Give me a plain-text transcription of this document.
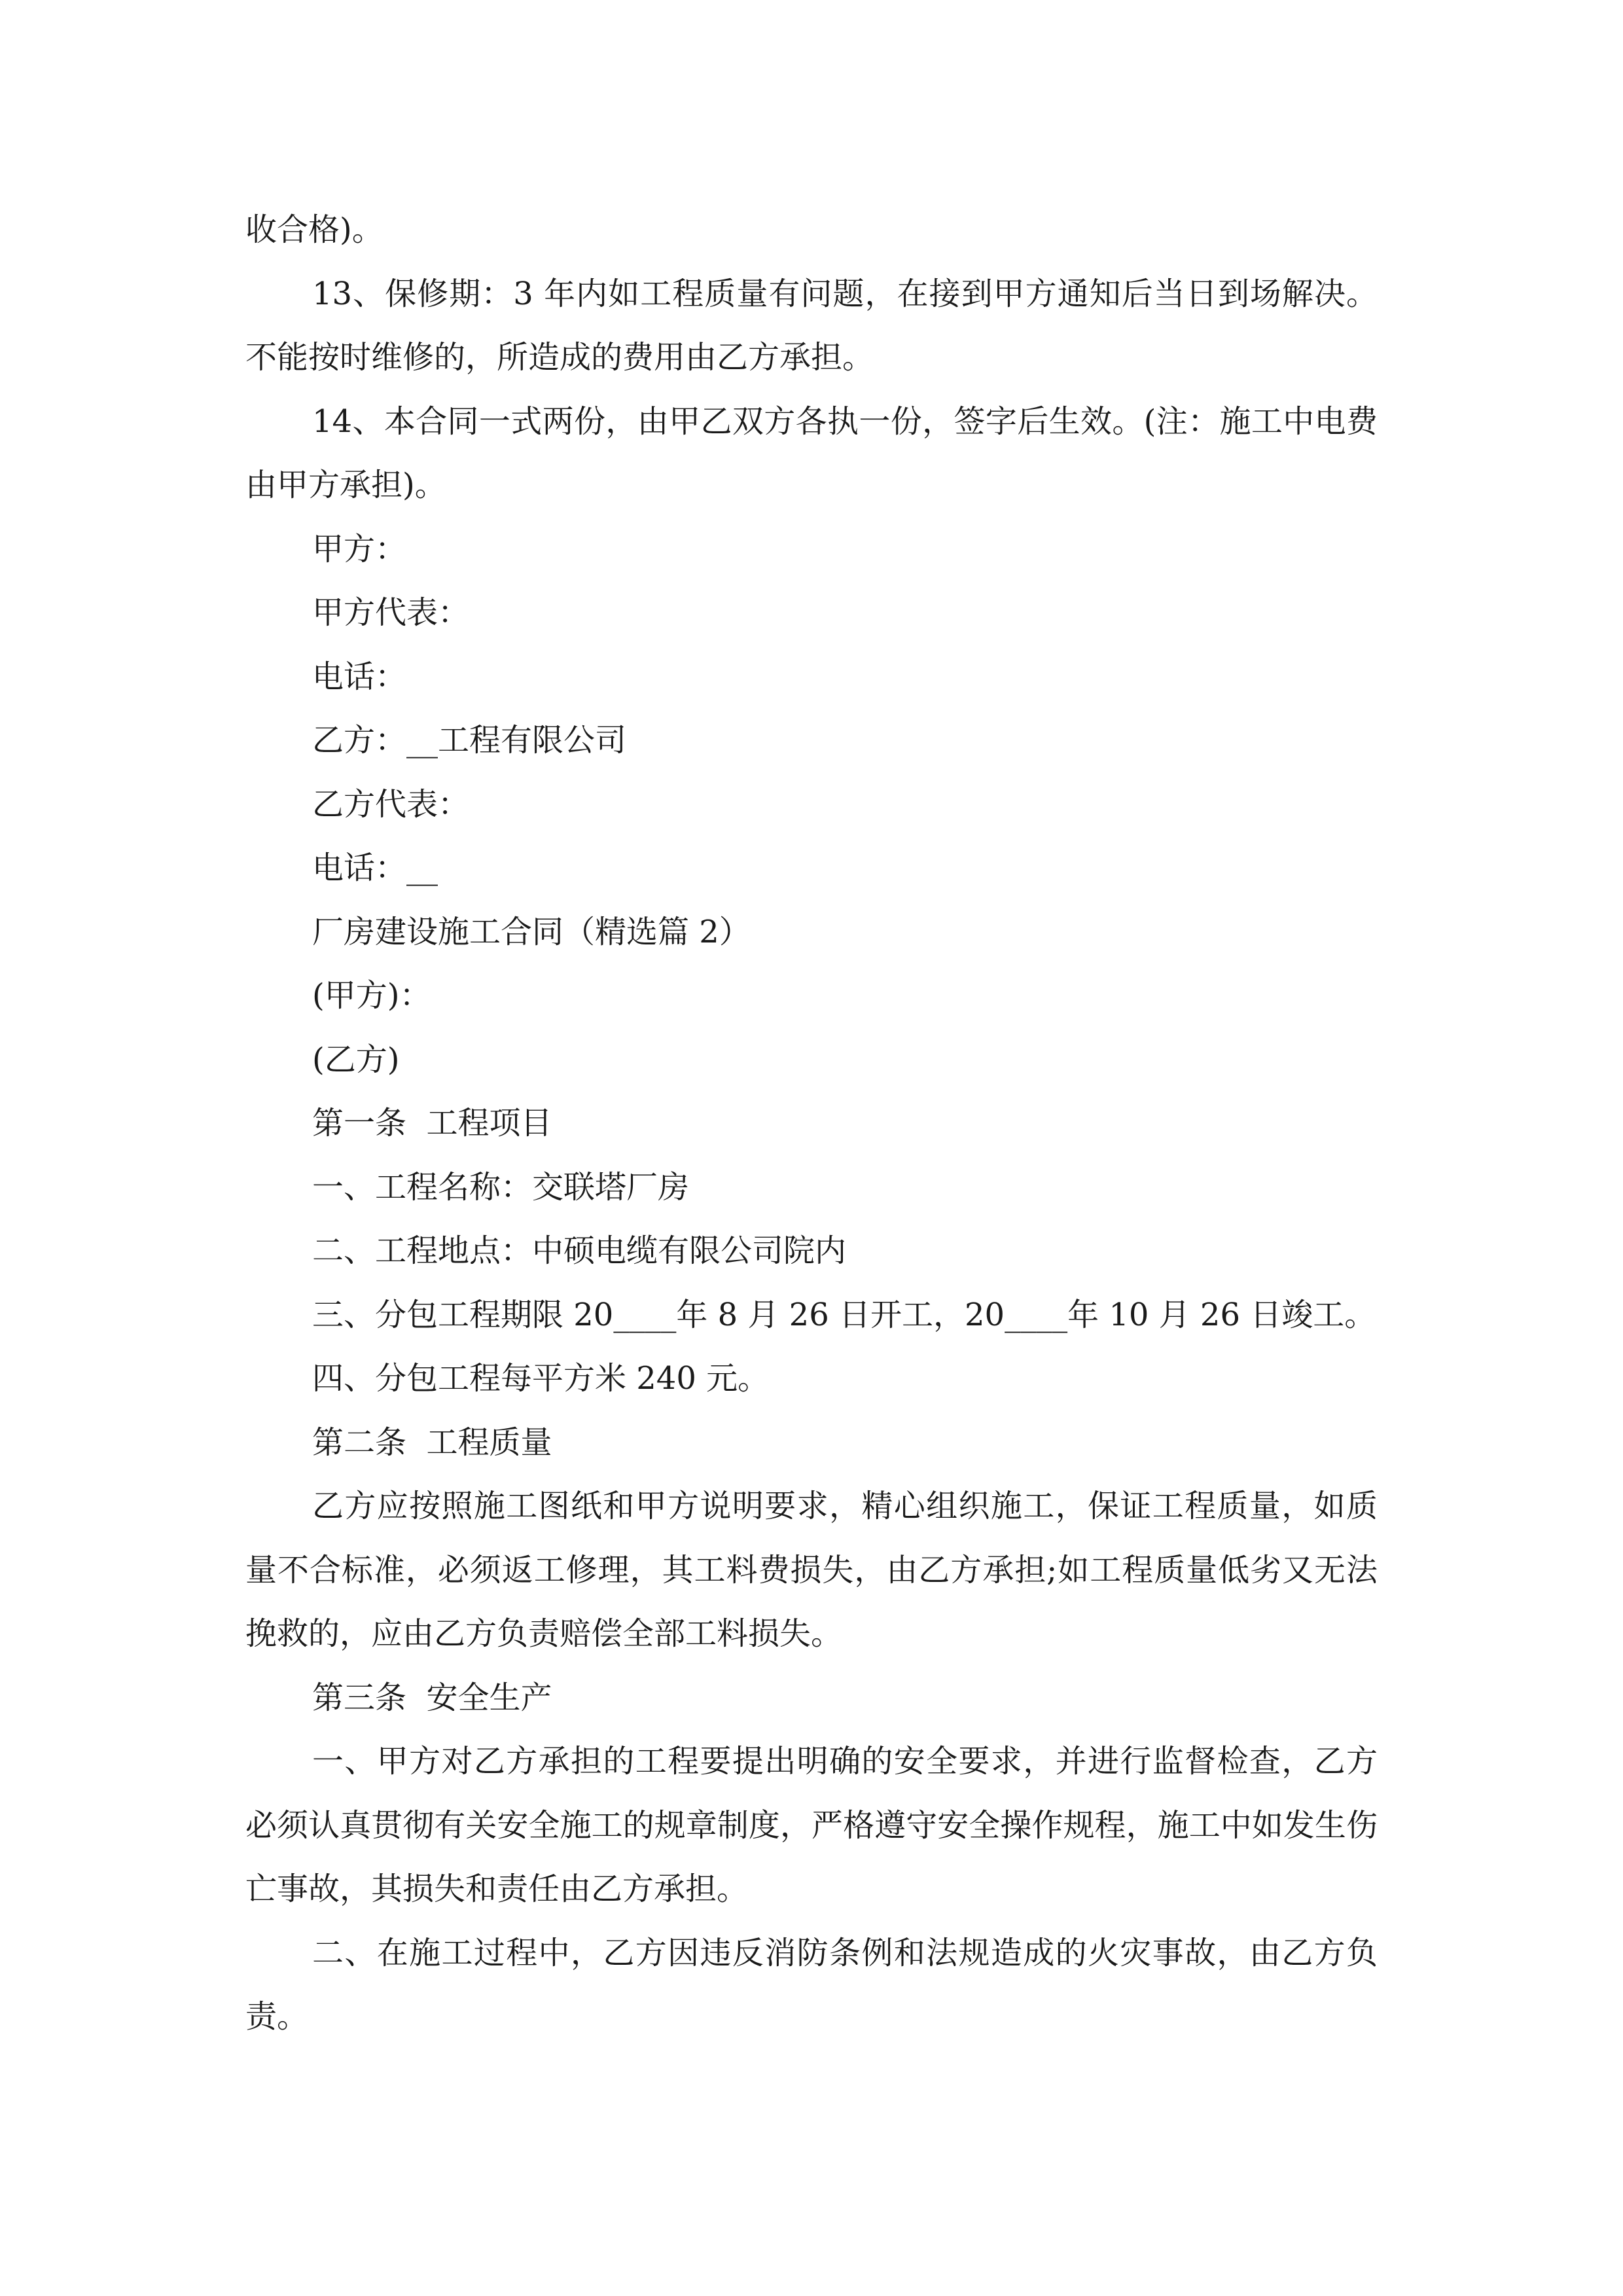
收合格)。

13、保修期：3 年内如工程质量有问题，在接到甲方通知后当日到场解决。不能按时维修的，所造成的费用由乙方承担。

14、本合同一式两份，由甲乙双方各执一份，签字后生效。(注：施工中电费由甲方承担)。

甲方：

甲方代表：

电话：

乙方：__工程有限公司

乙方代表：

电话：__

厂房建设施工合同（精选篇 2）

(甲方)：

(乙方)

第一条  工程项目

一、工程名称：交联塔厂房

二、工程地点：中硕电缆有限公司院内

三、分包工程期限 20____年 8 月 26 日开工，20____年 10 月 26 日竣工。

四、分包工程每平方米 240 元。

第二条  工程质量

乙方应按照施工图纸和甲方说明要求，精心组织施工，保证工程质量，如质量不合标准，必须返工修理，其工料费损失，由乙方承担;如工程质量低劣又无法挽救的，应由乙方负责赔偿全部工料损失。

第三条  安全生产

一、甲方对乙方承担的工程要提出明确的安全要求，并进行监督检查，乙方必须认真贯彻有关安全施工的规章制度，严格遵守安全操作规程，施工中如发生伤亡事故，其损失和责任由乙方承担。

二、在施工过程中，乙方因违反消防条例和法规造成的火灾事故，由乙方负责。
